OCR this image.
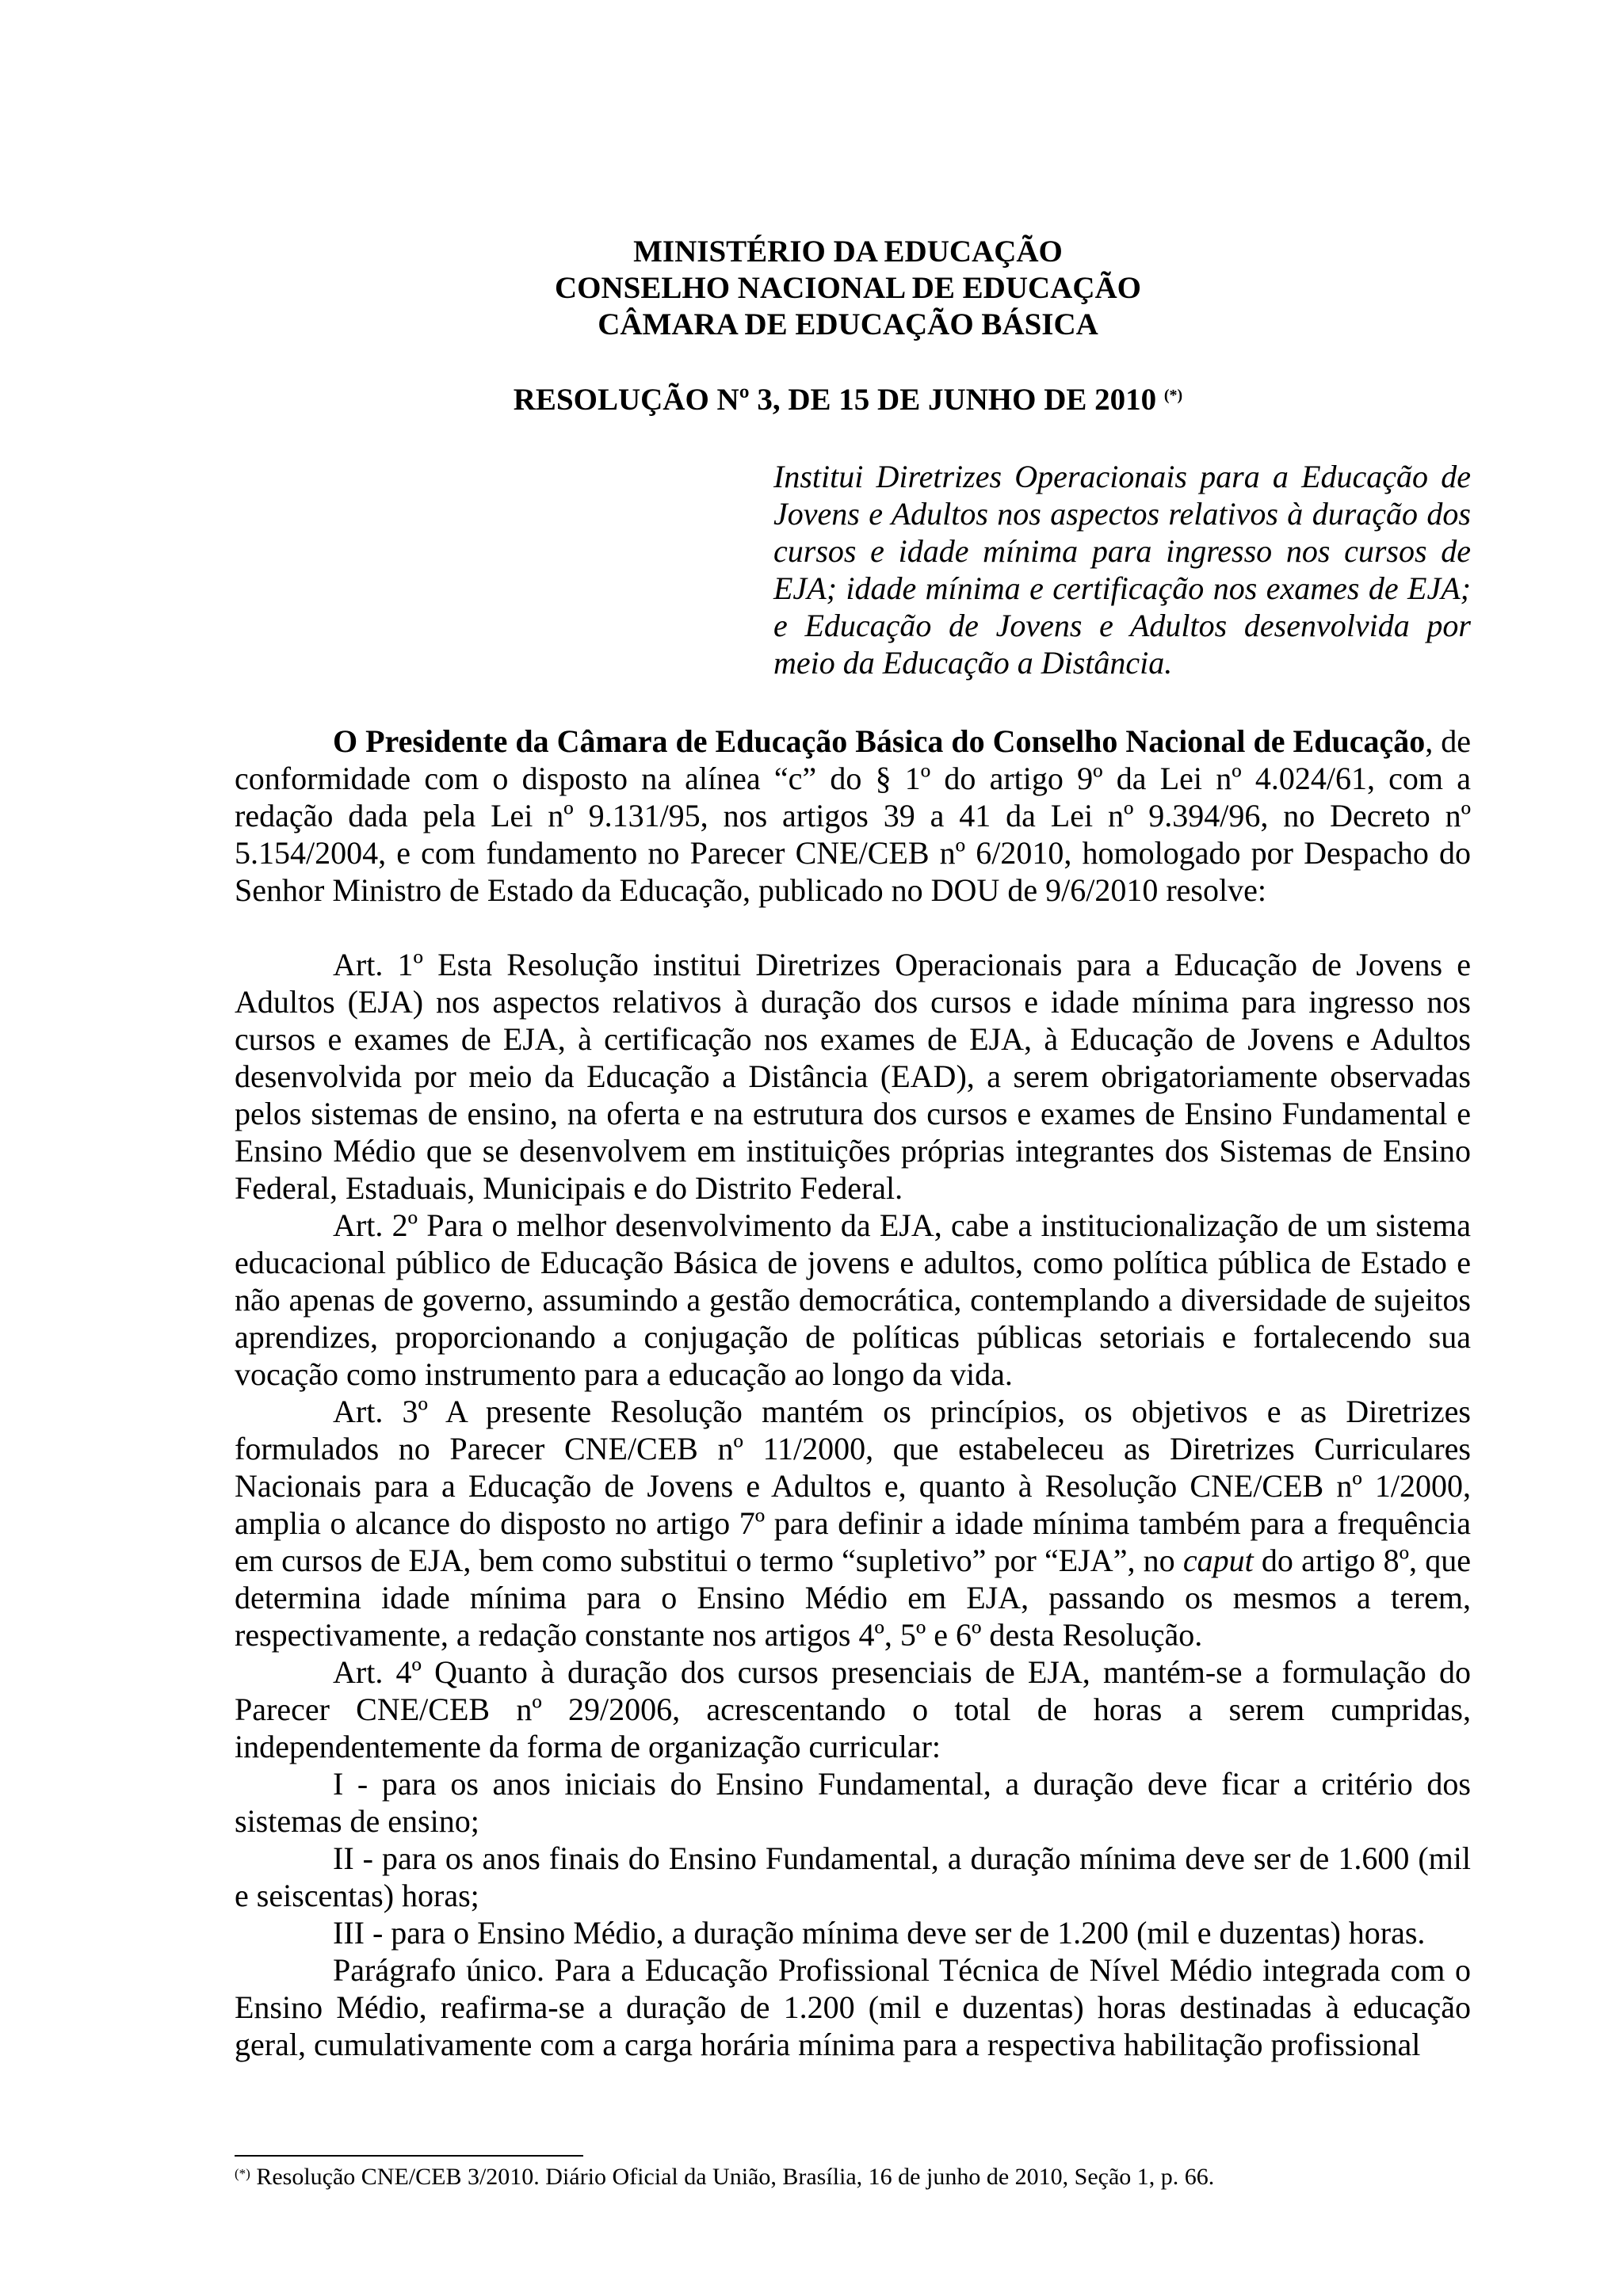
MINISTÉRIO DA EDUCAÇÃO
CONSELHO NACIONAL DE EDUCAÇÃO
CÂMARA DE EDUCAÇÃO BÁSICA
RESOLUÇÃO Nº 3, DE 15 DE JUNHO DE 2010 (*)
Institui Diretrizes Operacionais para a Educação de Jovens e Adultos nos aspectos relativos à duração dos cursos e idade mínima para ingresso nos cursos de EJA; idade mínima e certificação nos exames de EJA; e Educação de Jovens e Adultos desenvolvida por meio da Educação a Distância.

O Presidente da Câmara de Educação Básica do Conselho Nacional de Educação, de conformidade com o disposto na alínea “c” do § 1º do artigo 9º da Lei nº 4.024/61, com a redação dada pela Lei nº 9.131/95, nos artigos 39 a 41 da Lei nº 9.394/96, no Decreto nº 5.154/2004, e com fundamento no Parecer CNE/CEB nº 6/2010, homologado por Despacho do Senhor Ministro de Estado da Educação, publicado no DOU de 9/6/2010 resolve:

Art. 1º Esta Resolução institui Diretrizes Operacionais para a Educação de Jovens e Adultos (EJA) nos aspectos relativos à duração dos cursos e idade mínima para ingresso nos cursos e exames de EJA, à certificação nos exames de EJA, à Educação de Jovens e Adultos desenvolvida por meio da Educação a Distância (EAD), a serem obrigatoriamente observadas pelos sistemas de ensino, na oferta e na estrutura dos cursos e exames de Ensino Fundamental e Ensino Médio que se desenvolvem em instituições próprias integrantes dos Sistemas de Ensino Federal, Estaduais, Municipais e do Distrito Federal.

Art. 2º Para o melhor desenvolvimento da EJA, cabe a institucionalização de um sistema educacional público de Educação Básica de jovens e adultos, como política pública de Estado e não apenas de governo, assumindo a gestão democrática, contemplando a diversidade de sujeitos aprendizes, proporcionando a conjugação de políticas públicas setoriais e fortalecendo sua vocação como instrumento para a educação ao longo da vida.

Art. 3º A presente Resolução mantém os princípios, os objetivos e as Diretrizes formulados no Parecer CNE/CEB nº 11/2000, que estabeleceu as Diretrizes Curriculares Nacionais para a Educação de Jovens e Adultos e, quanto à Resolução CNE/CEB nº 1/2000, amplia o alcance do disposto no artigo 7º para definir a idade mínima também para a frequência em cursos de EJA, bem como substitui o termo “supletivo” por “EJA”, no caput do artigo 8º, que determina idade mínima para o Ensino Médio em EJA, passando os mesmos a terem, respectivamente, a redação constante nos artigos 4º, 5º e 6º desta Resolução.

Art. 4º Quanto à duração dos cursos presenciais de EJA, mantém-se a formulação do Parecer CNE/CEB nº 29/2006, acrescentando o total de horas a serem cumpridas, independentemente da forma de organização curricular:

I - para os anos iniciais do Ensino Fundamental, a duração deve ficar a critério dos sistemas de ensino;

II - para os anos finais do Ensino Fundamental, a duração mínima deve ser de 1.600 (mil e seiscentas) horas;

III - para o Ensino Médio, a duração mínima deve ser de 1.200 (mil e duzentas) horas.

Parágrafo único. Para a Educação Profissional Técnica de Nível Médio integrada com o Ensino Médio, reafirma-se a duração de 1.200 (mil e duzentas) horas destinadas à educação geral, cumulativamente com a carga horária mínima para a respectiva habilitação profissional

(*) Resolução CNE/CEB 3/2010. Diário Oficial da União, Brasília, 16 de junho de 2010, Seção 1, p. 66.
